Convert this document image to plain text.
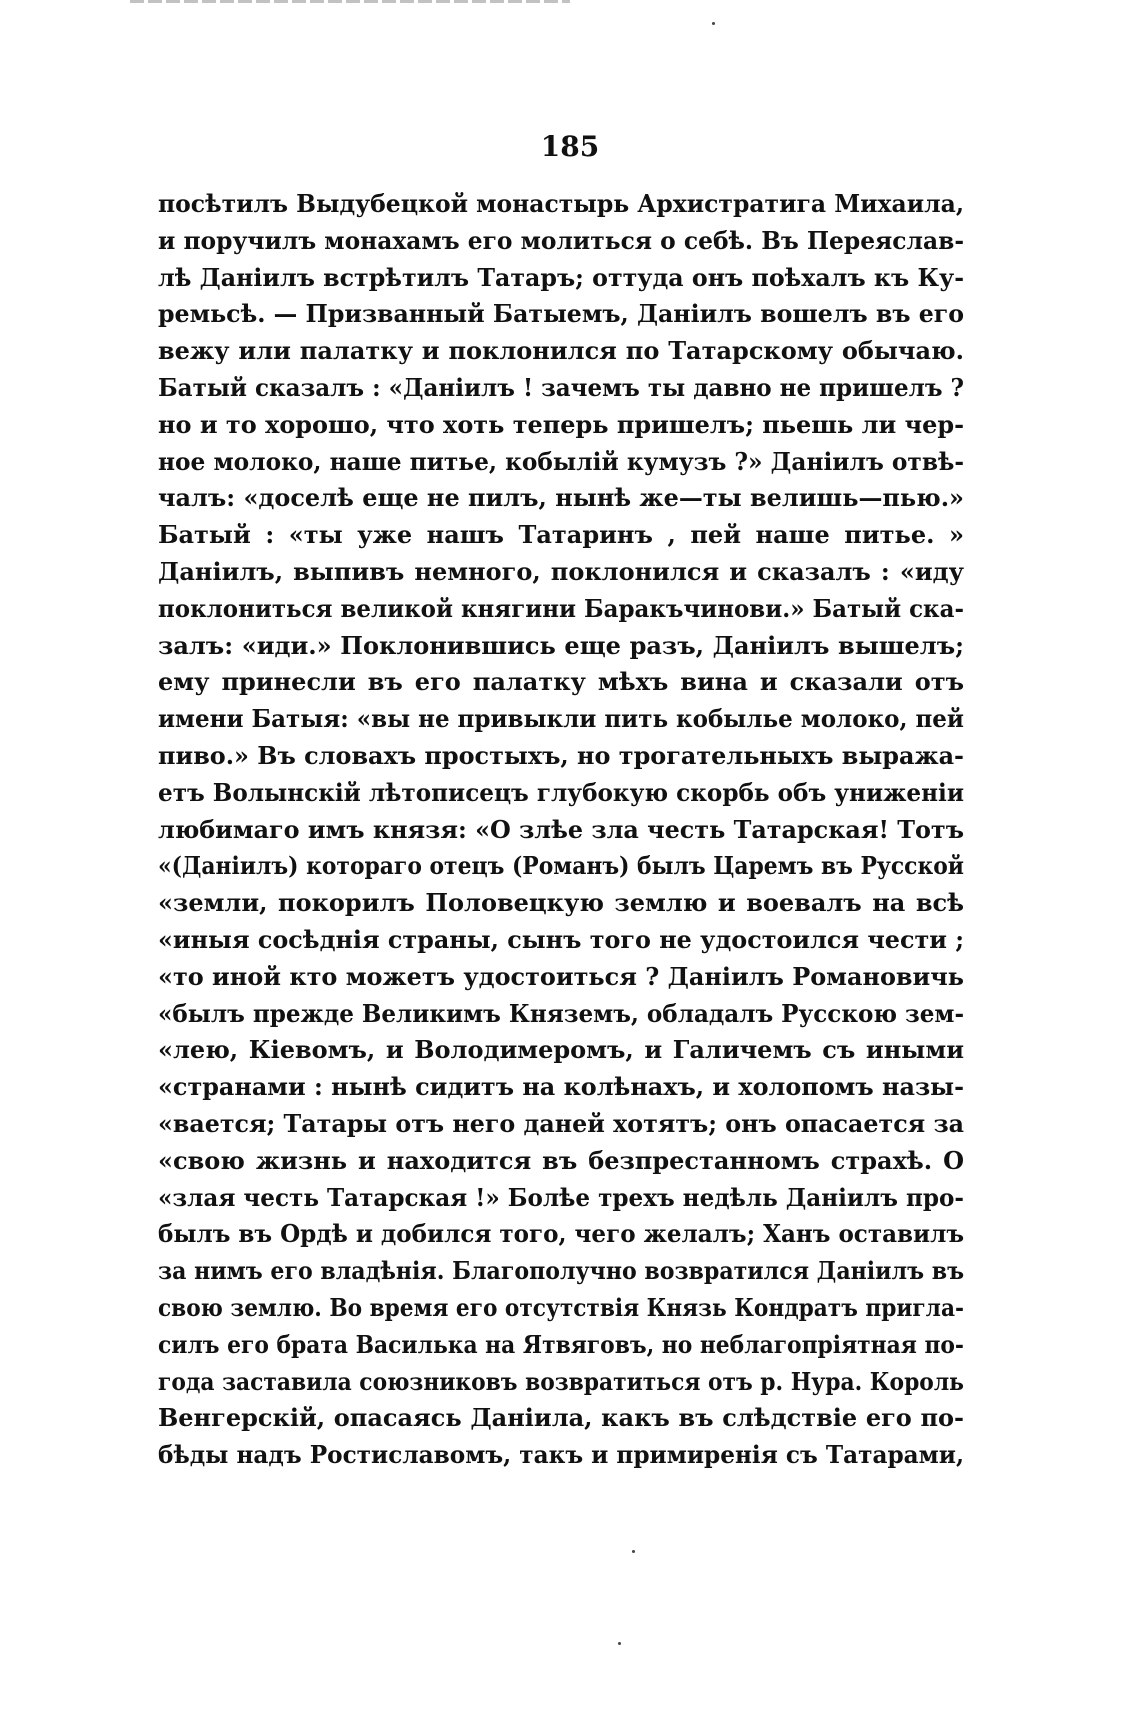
185
посѣтилъ Выдубецкой монастырь Архистратига Михаила,
и поручилъ монахамъ его молиться о себѣ. Въ Переяслав-
лѣ Даніилъ встрѣтилъ Татаръ; оттуда онъ поѣхалъ къ Ку-
ремьсѣ. — Призванный Батыемъ, Даніилъ вошелъ въ его
вежу или палатку и поклонился по Татарскому обычаю.
Батый сказалъ : «Даніилъ ! зачемъ ты давно не пришелъ ?
но и то хорошо, что хоть теперь пришелъ; пьешь ли чер-
ное молоко, наше питье, кобылій кумузъ ?» Даніилъ отвѣ-
чалъ: «доселѣ еще не пилъ, нынѣ же—ты велишь—пью.»
Батый : «ты уже нашъ Татаринъ , пей наше питье. »
Даніилъ, выпивъ немного, поклонился и сказалъ : «иду
поклониться великой княгини Баракъчинови.» Батый ска-
залъ: «иди.» Поклонившись еще разъ, Даніилъ вышелъ;
ему принесли въ его палатку мѣхъ вина и сказали отъ
имени Батыя: «вы не привыкли пить кобылье молоко, пей
пиво.» Въ словахъ простыхъ, но трогательныхъ выража-
етъ Волынскій лѣтописецъ глубокую скорбь объ униженіи
любимаго имъ князя: «О злѣе зла честь Татарская! Тотъ
«(Даніилъ) котораго отецъ (Романъ) былъ Царемъ въ Русской
«земли, покорилъ Половецкую землю и воевалъ на всѣ
«иныя сосѣднія страны, сынъ того не удостоился чести ;
«то иной кто можетъ удостоиться ? Даніилъ Романовичь
«былъ прежде Великимъ Княземъ, обладалъ Русскою зем-
«лею, Кіевомъ, и Володимеромъ, и Галичемъ съ иными
«странами : нынѣ сидитъ на колѣнахъ, и холопомъ назы-
«вается; Татары отъ него даней хотятъ; онъ опасается за
«свою жизнь и находится въ безпрестанномъ страхѣ. О
«злая честь Татарская !» Болѣе трехъ недѣль Даніилъ про-
былъ въ Ордѣ и добился того, чего желалъ; Ханъ оставилъ
за нимъ его владѣнія. Благополучно возвратился Даніилъ въ
свою землю. Во время его отсутствія Князь Кондратъ пригла-
силъ его брата Василька на Ятвяговъ, но неблагопріятная по-
года заставила союзниковъ возвратиться отъ р. Нура. Король
Венгерскій, опасаясь Даніила, какъ въ слѣдствіе его по-
бѣды надъ Ростиславомъ, такъ и примиренія съ Татарами,
